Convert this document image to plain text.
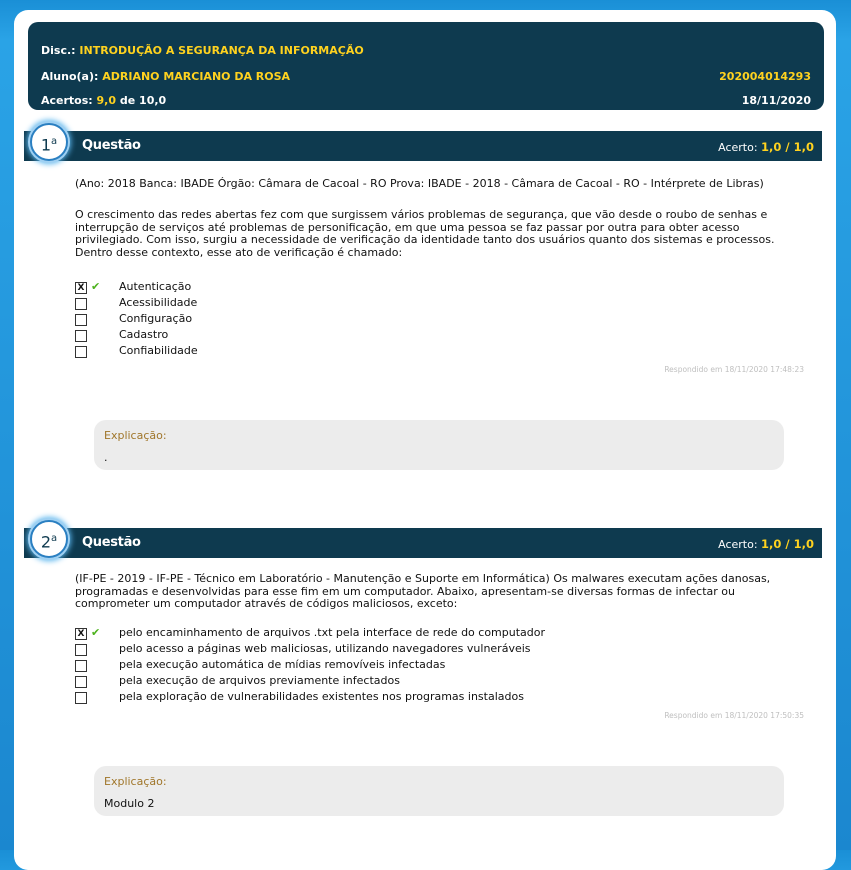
Disc.: INTRODUÇÃO A SEGURANÇA DA INFORMAÇÃO
Aluno(a): ADRIANO MARCIANO DA ROSA	202004014293
Acertos: 9,0 de 10,0	18/11/2020
1$^a$	Questão	Acerto: 1,0 / 1,0
(Ano: 2018 Banca: IBADE Órgão: Câmara de Cacoal - RO Prova: IBADE - 2018 - Câmara de Cacoal - RO - Intérprete de Libras)
O crescimento das redes abertas fez com que surgissem vários problemas de segurança, que vão desde o roubo de senhas e interrupção de serviços até problemas de personificação, em que uma pessoa se faz passar por outra para obter acesso privilegiado. Com isso, surgiu a necessidade de verificação da identidade tanto dos usuários quanto dos sistemas e processos. Dentro desse contexto, esse ato de verificação é chamado:
X ✔ Autenticação
Acessibilidade
Configuração
Cadastro
Confiabilidade
Respondido em 18/11/2020 17:48:23
Explicação:
.
2$^a$	Questão	Acerto: 1,0 / 1,0
(IF-PE - 2019 - IF-PE - Técnico em Laboratório - Manutenção e Suporte em Informática) Os malwares executam ações danosas, programadas e desenvolvidas para esse fim em um computador. Abaixo, apresentam-se diversas formas de infectar ou comprometer um computador através de códigos maliciosos, exceto:
X ✔ pelo encaminhamento de arquivos .txt pela interface de rede do computador
pelo acesso a páginas web maliciosas, utilizando navegadores vulneráveis
pela execução automática de mídias removíveis infectadas
pela execução de arquivos previamente infectados
pela exploração de vulnerabilidades existentes nos programas instalados
Respondido em 18/11/2020 17:50:35
Explicação:
Modulo 2
